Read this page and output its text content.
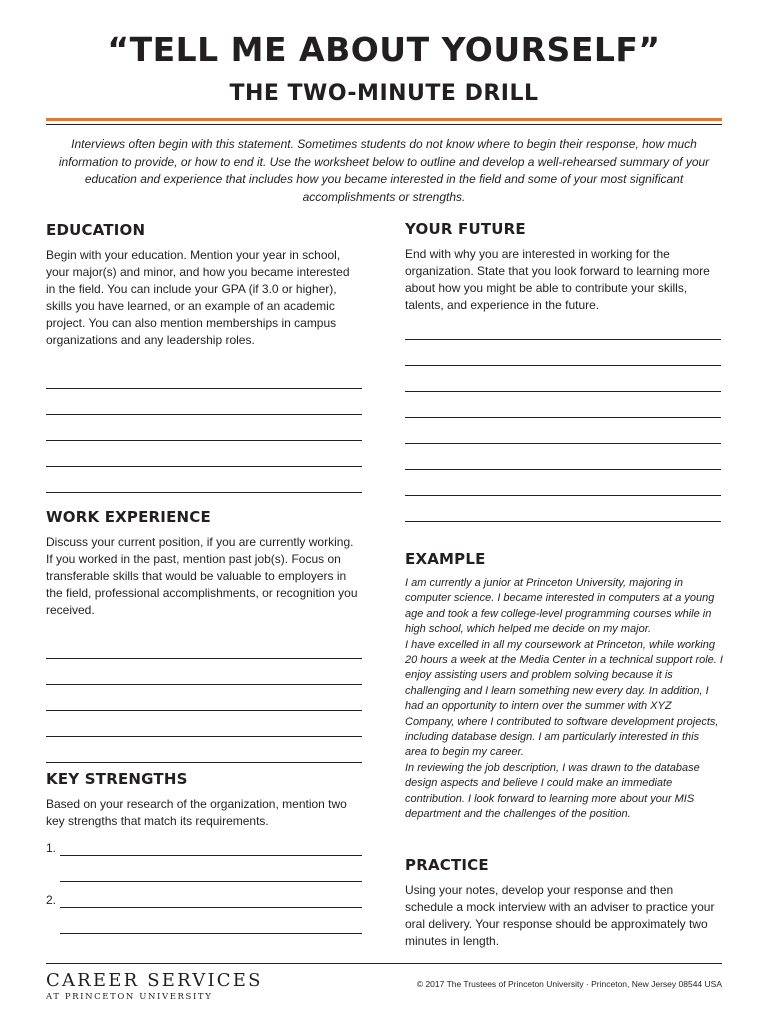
“TELL ME ABOUT YOURSELF”
THE TWO-MINUTE DRILL
Interviews often begin with this statement. Sometimes students do not know where to begin their response, how much information to provide, or how to end it. Use the worksheet below to outline and develop a well-rehearsed summary of your education and experience that includes how you became interested in the field and some of your most significant accomplishments or strengths.
EDUCATION

Begin with your education. Mention your year in school, your major(s) and minor, and how you became interested in the field. You can include your GPA (if 3.0 or higher), skills you have learned, or an example of an academic project. You can also mention memberships in campus organizations and any leadership roles.

WORK EXPERIENCE

Discuss your current position, if you are currently working. If you worked in the past, mention past job(s). Focus on transferable skills that would be valuable to employers in the field, professional accomplishments, or recognition you received.

KEY STRENGTHS

Based on your research of the organization, mention two key strengths that match its requirements.

1.
2.
YOUR FUTURE

End with why you are interested in working for the organization. State that you look forward to learning more about how you might be able to contribute your skills, talents, and experience in the future.

EXAMPLE

I am currently a junior at Princeton University, majoring in computer science. I became interested in computers at a young age and took a few college-level programming courses while in high school, which helped me decide on my major.

I have excelled in all my coursework at Princeton, while working 20 hours a week at the Media Center in a technical support role. I enjoy assisting users and problem solving because it is challenging and I learn something new every day. In addition, I had an opportunity to intern over the summer with XYZ Company, where I contributed to software development projects, including database design. I am particularly interested in this area to begin my career.

In reviewing the job description, I was drawn to the database design aspects and believe I could make an immediate contribution. I look forward to learning more about your MIS department and the challenges of the position.

PRACTICE

Using your notes, develop your response and then schedule a mock interview with an adviser to practice your oral delivery. Your response should be approximately two minutes in length.

CAREER SERVICES
AT PRINCETON UNIVERSITY
© 2017 The Trustees of Princeton University · Princeton, New Jersey 08544 USA
